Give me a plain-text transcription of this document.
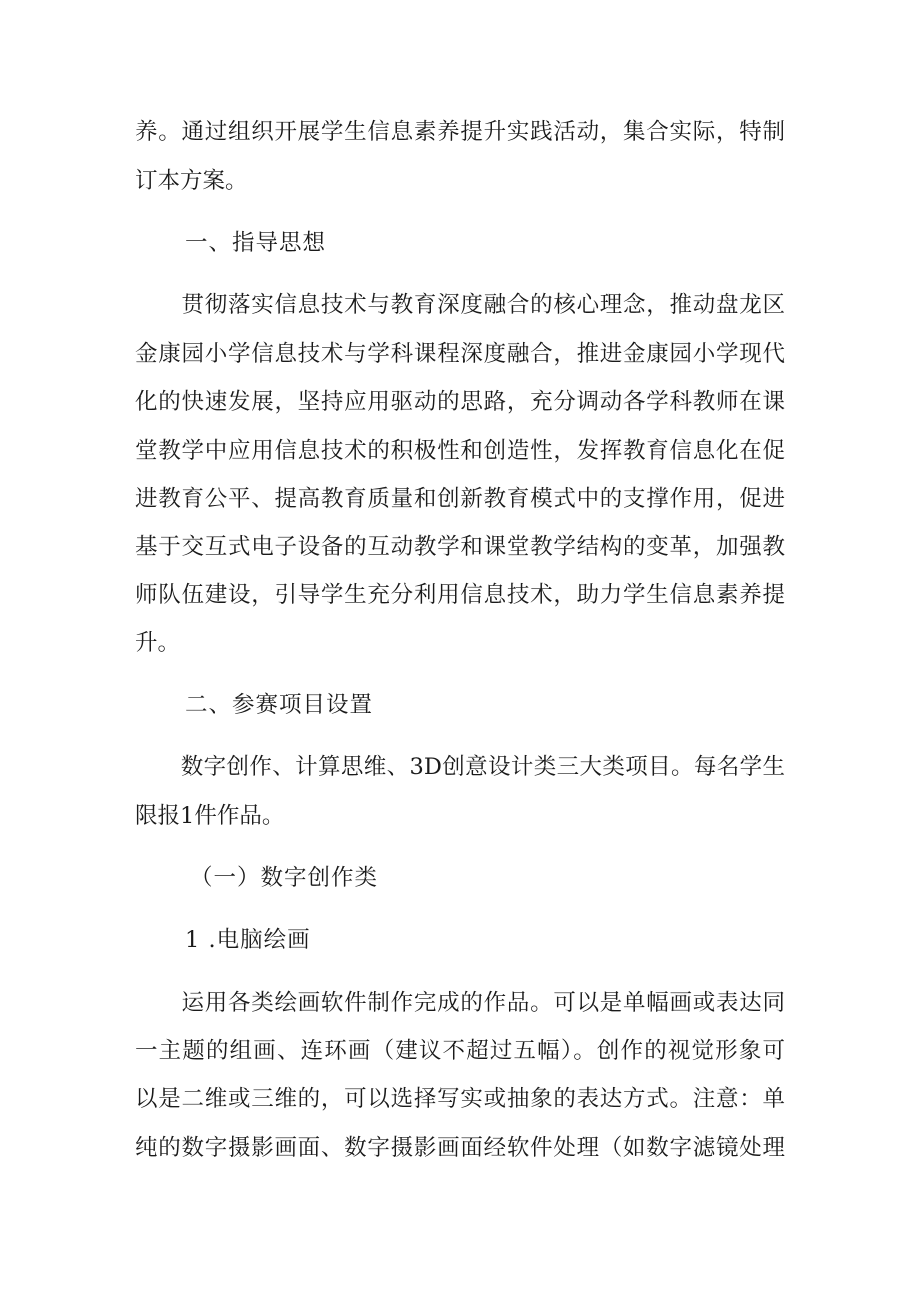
养。通过组织开展学生信息素养提升实践活动，集合实际，特制
订本方案。
一、指导思想
　　贯彻落实信息技术与教育深度融合的核心理念，推动盘龙区
金康园小学信息技术与学科课程深度融合，推进金康园小学现代
化的快速发展，坚持应用驱动的思路，充分调动各学科教师在课
堂教学中应用信息技术的积极性和创造性，发挥教育信息化在促
进教育公平、提高教育质量和创新教育模式中的支撑作用，促进
基于交互式电子设备的互动教学和课堂教学结构的变革，加强教
师队伍建设，引导学生充分利用信息技术，助力学生信息素养提
升。
二、参赛项目设置
　　数字创作、计算思维、3D创意设计类三大类项目。每名学生
限报1件作品。
（一）数字创作类
1 .电脑绘画
　　运用各类绘画软件制作完成的作品。可以是单幅画或表达同
一主题的组画、连环画（建议不超过五幅）。创作的视觉形象可
以是二维或三维的，可以选择写实或抽象的表达方式。注意：单
纯的数字摄影画面、数字摄影画面经软件处理（如数字滤镜处理
